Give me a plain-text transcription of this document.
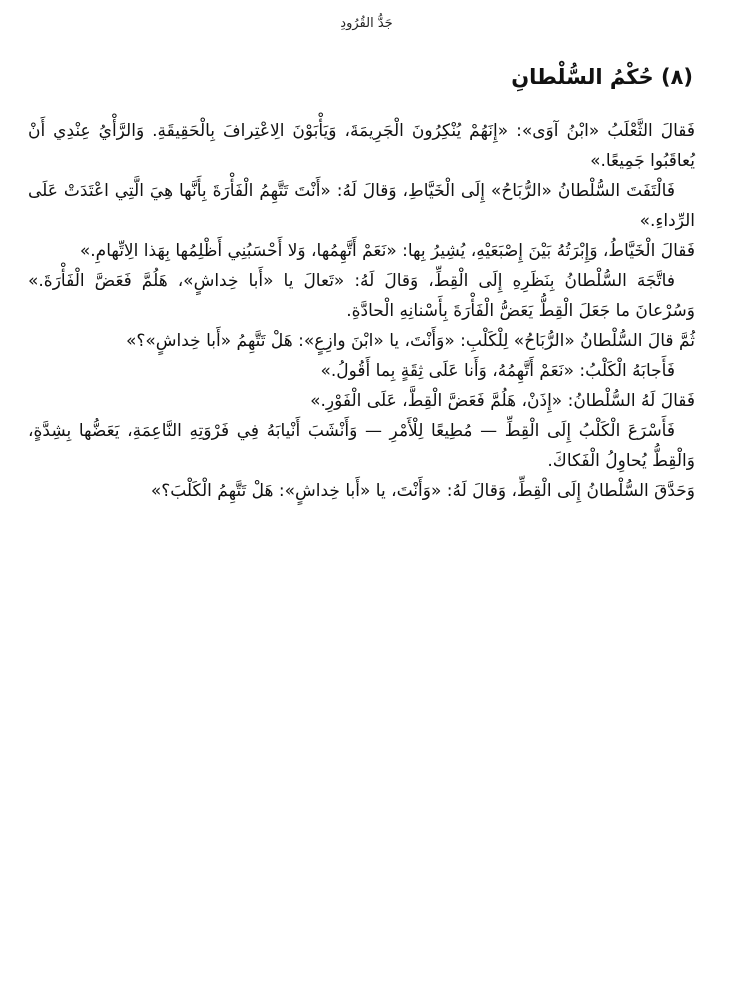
جَدُّ القُرُودِ
(٨) حُكْمُ السُّلْطانِ

فَقالَ الثَّعْلَبُ «ابْنُ آوَى»: «إِنَهُمْ يُنْكِرُونَ الْجَرِيمَةَ، وَيَأْبَوْنَ الِاعْتِرافَ بِالْحَقِيقَةِ. وَالرَّأْيُ عِنْدِي أَنْ يُعاقَبُوا جَمِيعًا.»

فَالْتَفَتَ السُّلْطانُ «الرُّبَاحُ» إِلَى الْخَيَّاطِ، وَقالَ لَهُ: «أَنْتَ تَتَّهِمُ الْفَأْرَةَ بِأَنَّها هِيَ الَّتِي اعْتَدَتْ عَلَى الرِّداءِ.»

فَقالَ الْخَيَّاطُ، وَإِبْرَتُهُ بَيْنَ إِصْبَعَيْهِ، يُشِيرُ بِها: «نَعَمْ أَتَّهِمُها، وَلا أَحْسَبُنِي أَظْلِمُها بِهَذا الِاتِّهامِ.»

فاتَّجَهَ السُّلْطانُ بِنَظَرِهِ إِلَى الْقِطِّ، وَقالَ لَهُ: «تَعالَ يا «أَبا خِداشٍ»، هَلُمَّ فَعَضَّ الْفَأْرَةَ.» وَسُرْعانَ ما جَعَلَ الْقِطُّ يَعَضُّ الْفَأْرَةَ بِأَسْنانِهِ الْحادَّةِ.

ثُمَّ قالَ السُّلْطانُ «الرُّبَاحُ» لِلْكَلْبِ: «وَأَنْتَ، يا «ابْنَ وازِعٍ»: هَلْ تَتَّهِمُ «أَبا خِداشٍ»؟»

فَأَجابَهُ الْكَلْبُ: «نَعَمْ أَتَّهِمُهُ، وَأَنا عَلَى ثِقَةٍ بِما أَقُولُ.»

فَقالَ لَهُ السُّلْطانُ: «إِذَنْ، هَلُمَّ فَعَضَّ الْقِطَّ، عَلَى الْفَوْرِ.»

فَأَسْرَعَ الْكَلْبُ إِلَى الْقِطِّ — مُطِيعًا لِلْأَمْرِ — وَأَنْشَبَ أَنْيابَهُ فِي فَرْوَتِهِ النَّاعِمَةِ، يَعَضُّها بِشِدَّةٍ، وَالْقِطُّ يُحاوِلُ الْفَكاكَ.

وَحَدَّقَ السُّلْطانُ إِلَى الْقِطِّ، وَقالَ لَهُ: «وَأَنْتَ، يا «أَبا خِداشٍ»: هَلْ تَتَّهِمُ الْكَلْبَ؟»
